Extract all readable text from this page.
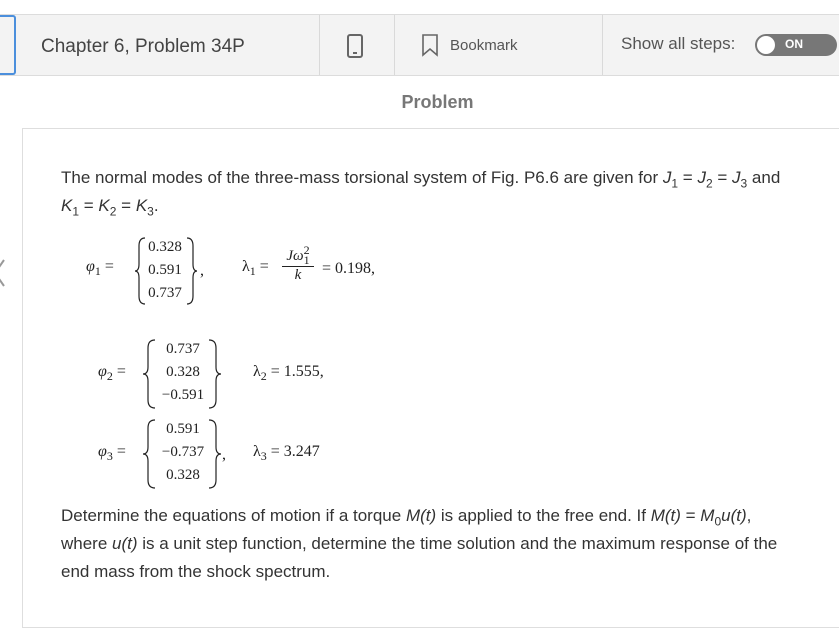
Chapter 6, Problem 34P	Bookmark	Show all steps:	ON
Problem
The normal modes of the three-mass torsional system of Fig. P6.6 are given for $J_1 = J_2 = J_3$ and
$K_1 = K_2 = K_3$.
$\varphi_1$ =
0.328
0.591
0.737
, $\lambda_1$ =
$J\omega^2$
1
k	= 0.198,
$\varphi_2$ =
0.737
0.328
−0.591
$\lambda_2 = 1.555$,
$\varphi_3$ =
0.591
−0.737
0.328
, $\lambda_3 = 3.247$
Determine the equations of motion if a torque M(t) is applied to the free end. If $M(t) = M_0u(t)$,
where u(t) is a unit step function, determine the time solution and the maximum response of the
end mass from the shock spectrum.
